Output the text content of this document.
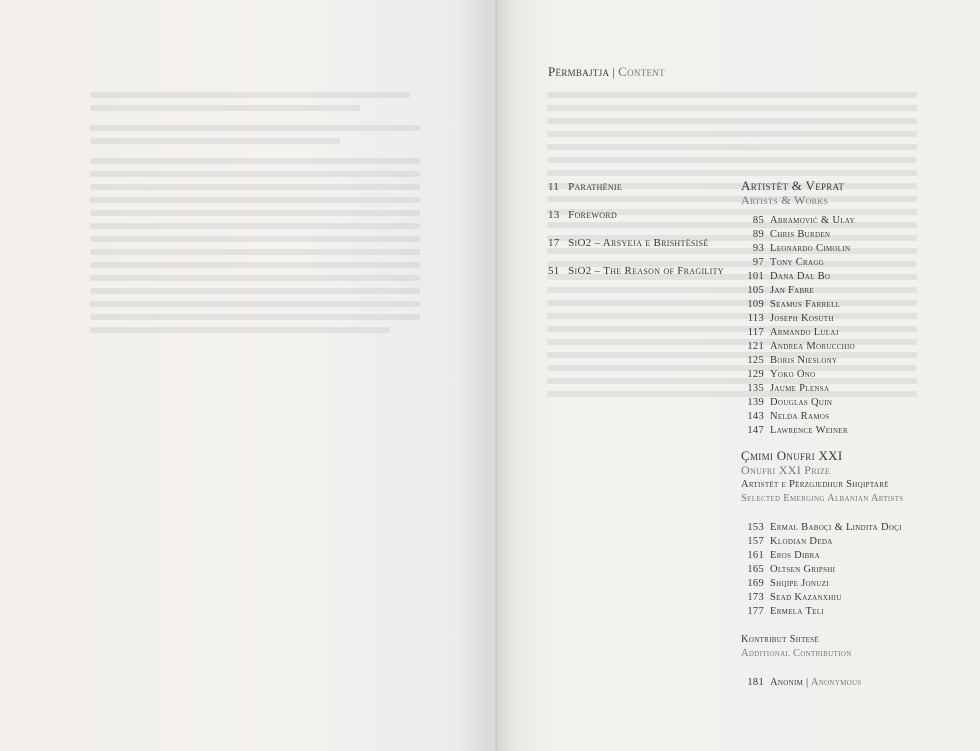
Përmbajtja | Content
11 Parathënie
13 Foreword
17 SiO2 – Arsyeja e Brishtësisë
51 SiO2 – The Reason of Fragility
Artistët & Veprat
Artists & Works
85 Abramović & Ulay
89 Chris Burden
93 Leonardo Cimolin
97 Tony Cragg
101 Dana Dal Bo
105 Jan Fabre
109 Seamus Farrell
113 Joseph Kosuth
117 Armando Lulaj
121 Andrea Morucchio
125 Boris Nieslony
129 Yoko Ono
135 Jaume Plensa
139 Douglas Quin
143 Nelda Ramos
147 Lawrence Weiner
Çmimi Onufri XXI
Onufri XXI Prize
Artistët e Përzgjedhur Shqiptarë
Selected Emerging Albanian Artists
153 Ermal Baboçi & Lindita Doçi
157 Klodian Deda
161 Eros Dibra
165 Oltsen Gripshi
169 Shqipe Jonuzi
173 Sead Kazanxhiu
177 Ermela Teli
Kontribut Shtesë
Additional Contribution
181 Anonim | Anonymous
